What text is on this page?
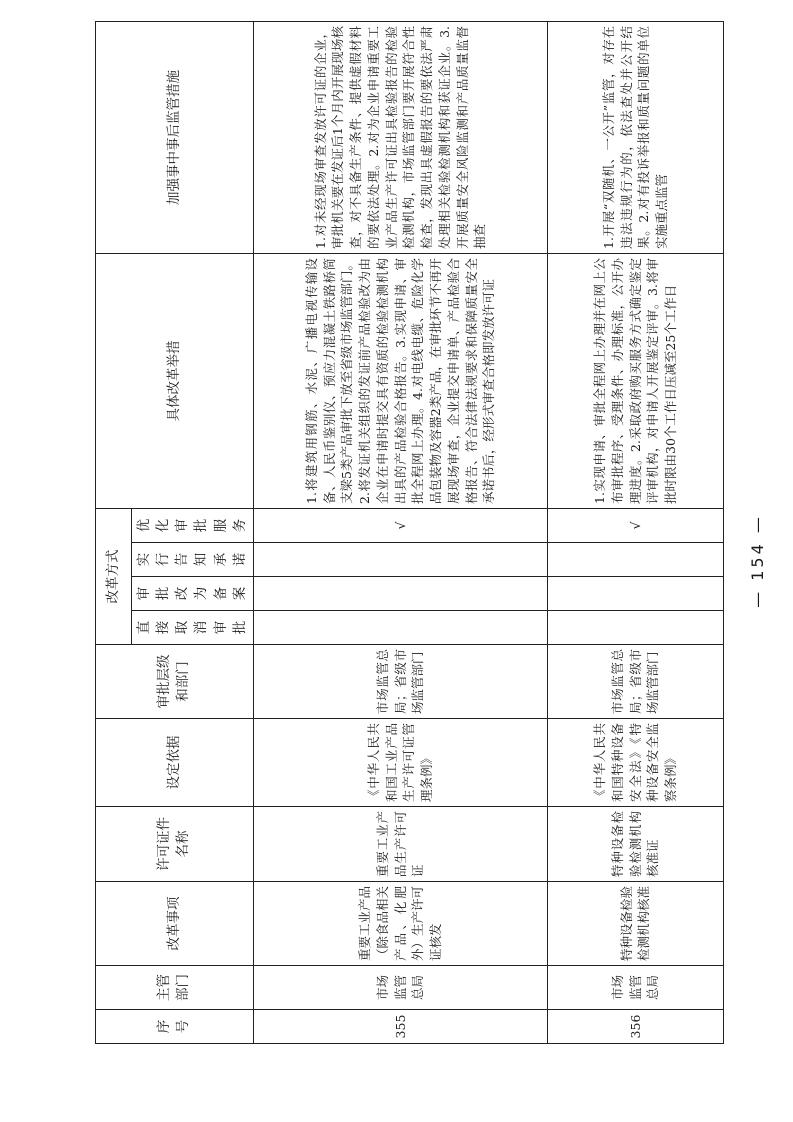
序号	主管部门	改革事项	许可证件名称	设定依据	审批层级和部门	改革方式				具体改革举措	加强事中事后监管措施
						直接取消审批	审批改为备案	实行告知承诺	优化审批服务		
355	市场监管总局	重要工业产品（除食品相关产品、化肥外）生产许可证核发	重要工业产品生产许可证	《中华人民共和国工业产品生产许可证管理条例》	市场监管总局；省级市场监管部门				√	1.将建筑用钢筋、水泥、广播电视传输设备、人民币鉴别仪、预应力混凝土铁路桥简支梁5类产品审批下放至省级市场监管部门。2.将发证机关组织的发证前产品检验改为由企业在申请时提交具有资质的检验检测机构出具的产品检验合格报告。3.实现申请、审批全程网上办理。4.对电线电缆、危险化学品包装物及容器2类产品，在审批环节不再开展现场审查，企业提交申请单、产品检验合格报告、符合法律法规要求和保障质量安全承诺书后，经形式审查合格即发放许可证	1.对未经现场审查发放许可证的企业，审批机关要在发证后1个月内开展现场核查，对不具备生产条件、提供虚假材料的要依法处理。2.对为企业申请重要工业产品生产许可证出具检验报告的检验检测机构，市场监管部门要开展符合性检查，发现出具虚假报告的要依法严肃处理相关检验检测机构和获证企业。3.开展质量安全风险监测和产品质量监督抽查
356	市场监管总局	特种设备检验检测机构核准	特种设备检验检测机构核准证	《中华人民共和国特种设备安全法》《特种设备安全监察条例》	市场监管总局；省级市场监管部门				√	1.实现申请、审批全程网上办理并在网上公布审批程序、受理条件、办理标准，公开办理进度。2.采取政府购买服务方式确定鉴定评审机构，对申请人开展鉴定评审。3.将审批时限由30个工作日压减至25个工作日	1.开展“双随机、一公开”监管，对存在违法违规行为的，依法查处并公开结果。2.对有投诉举报和质量问题的单位实施重点监管
— 154 —
